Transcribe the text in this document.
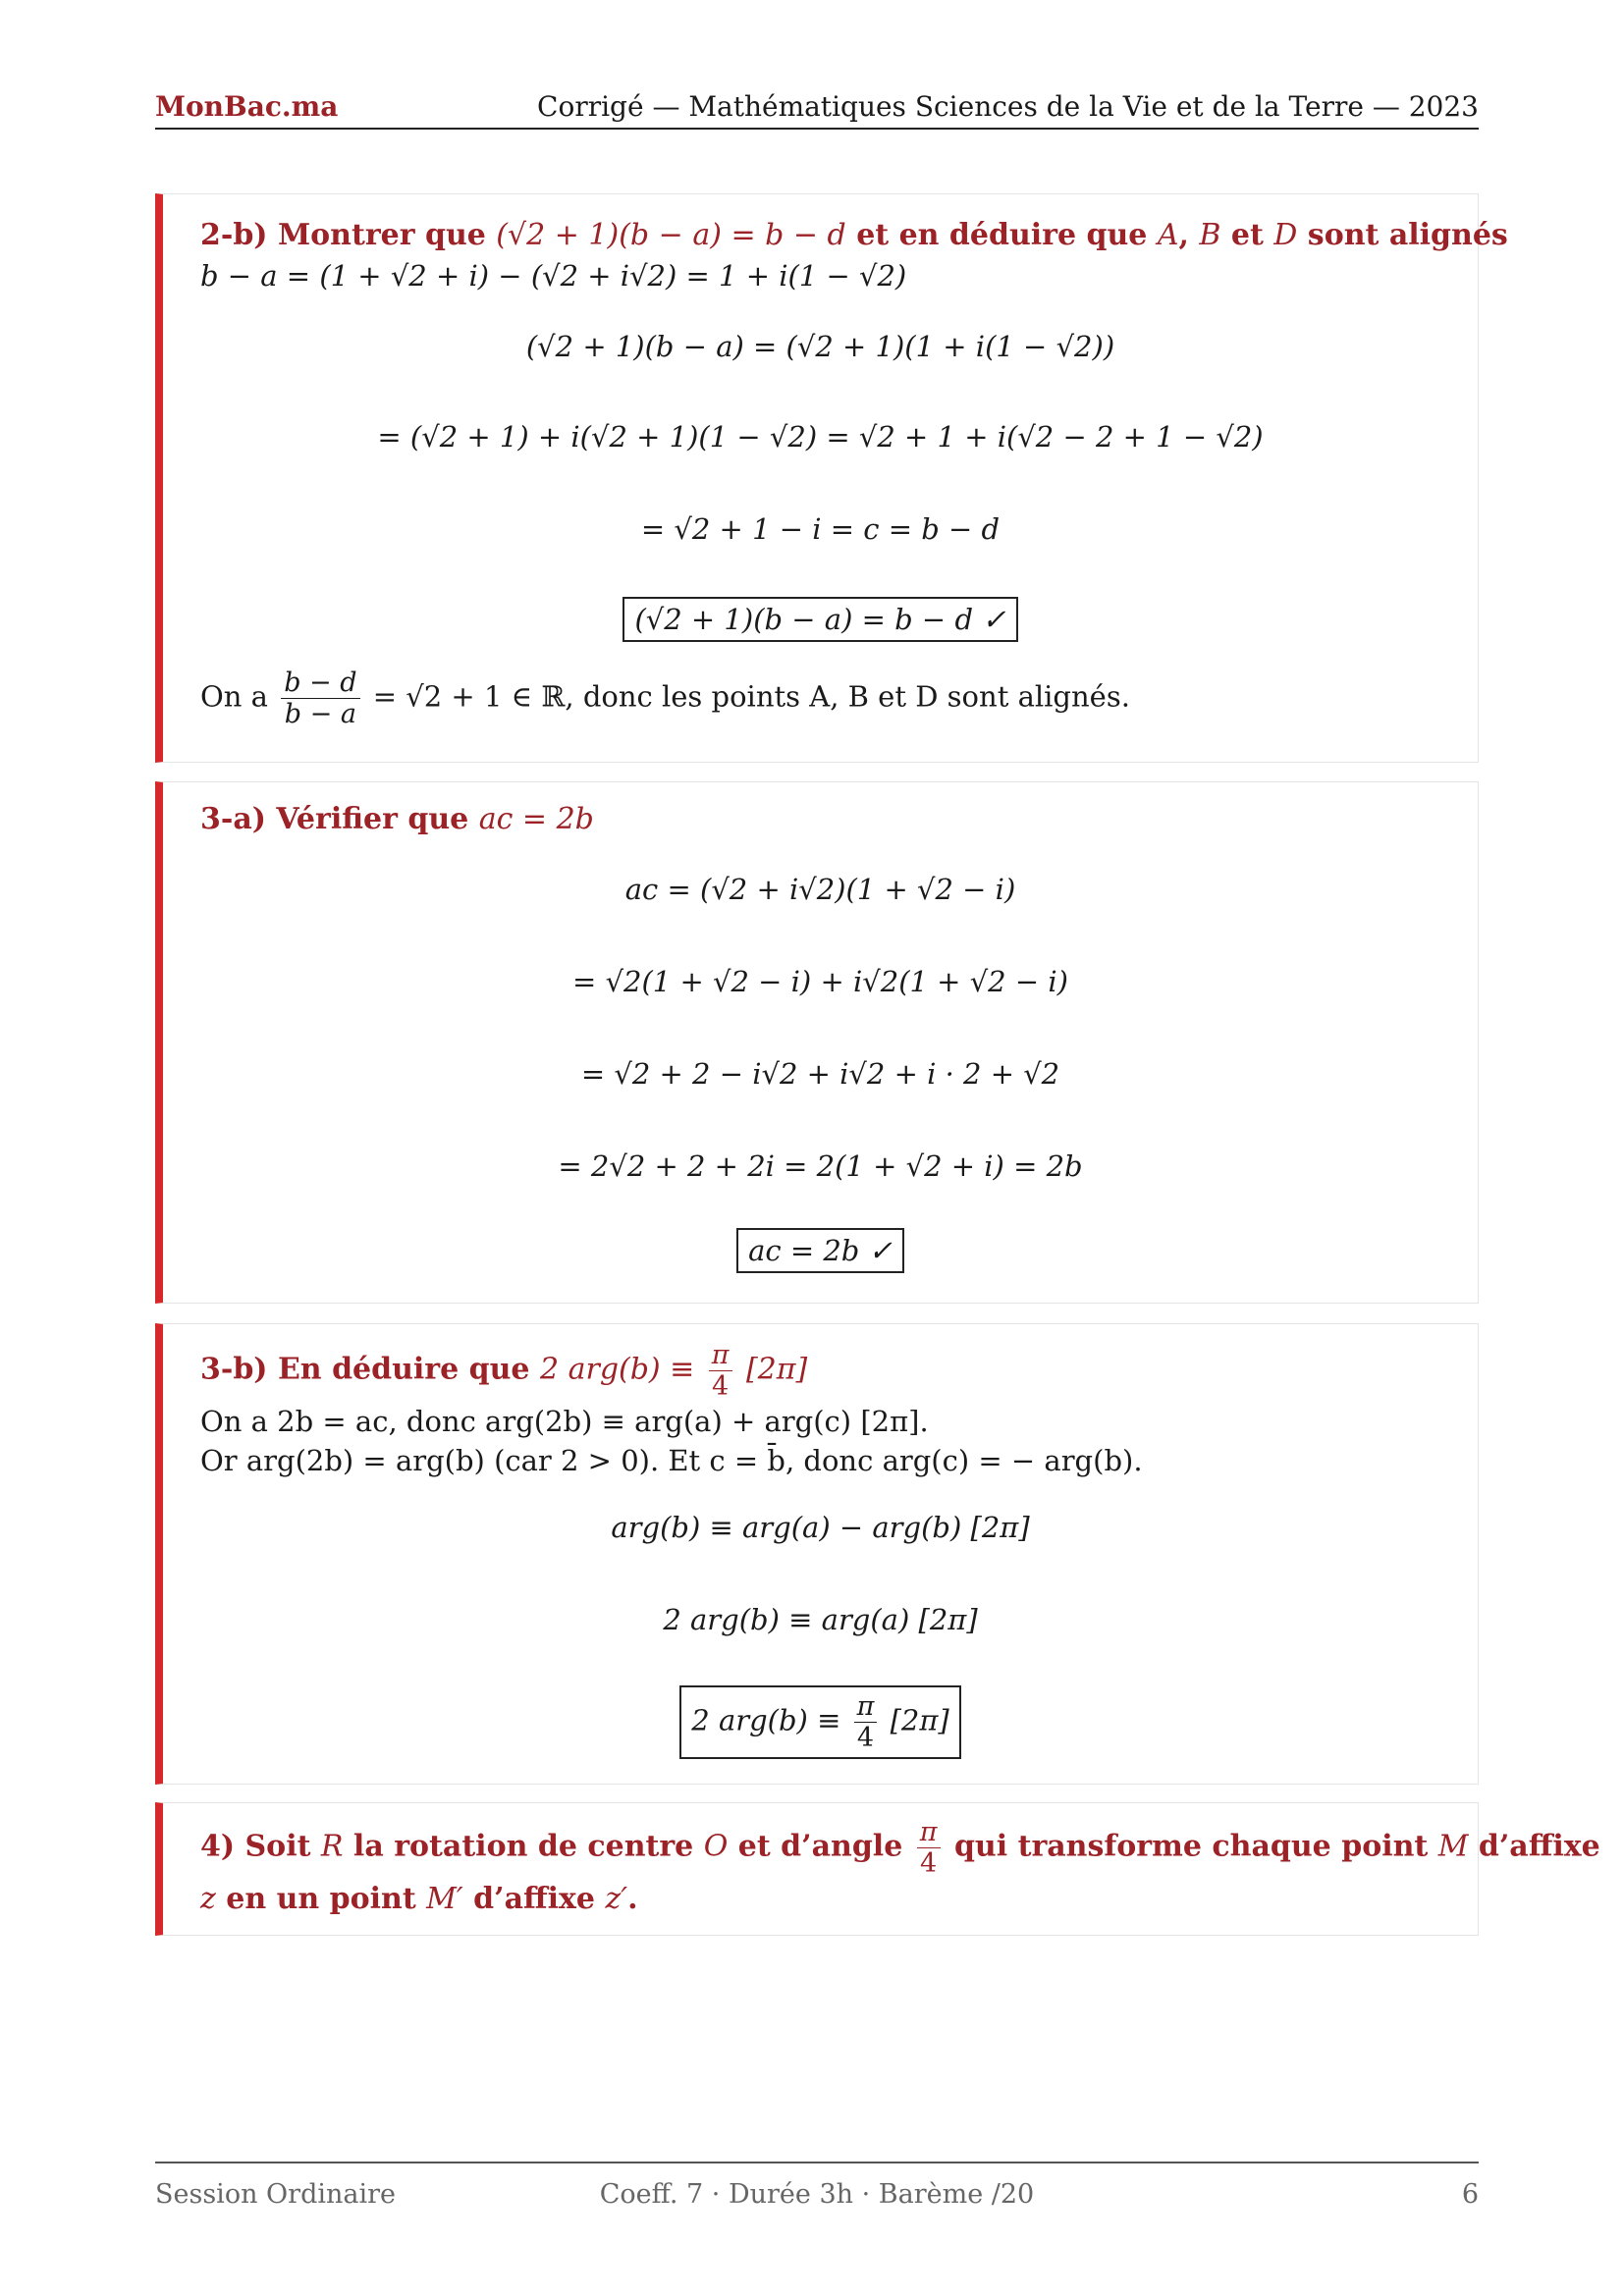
MonBac.ma	Corrigé — Mathématiques Sciences de la Vie et de la Terre — 2023
2-b) Montrer que (√2 + 1)(b − a) = b − d et en déduire que A, B et D sont alignés
b − a = (1 + √2 + i) − (√2 + i√2) = 1 + i(1 − √2)
(√2 + 1)(b − a) = (√2 + 1)(1 + i(1 − √2))
= (√2 + 1) + i(√2 + 1)(1 − √2) = √2 + 1 + i(√2 − 2 + 1 − √2)
= √2 + 1 − i = c = b − d
(√2 + 1)(b − a) = b − d ✓
On a $\frac{b - d}{b - a} = √2 + 1$ ∈ ℝ, donc les points A, B et D sont alignés.
3-a) Vérifier que ac = 2b
ac = (√2 + i√2)(1 + √2 − i)
= √2(1 + √2 − i) + i√2(1 + √2 − i)
= √2 + 2 − i√2 + i√2 + i · 2 + √2
= 2√2 + 2 + 2i = 2(1 + √2 + i) = 2b
ac = 2b ✓
3-b) En déduire que 2 $arg(b) \equiv \frac{\pi}{4} [2\pi]$
On a 2b = ac, donc arg(2b) ≡ arg(a) + arg(c) [2π].
Or arg(2b) = arg(b) (car 2 > 0). Et c = b̄, donc arg(c) = − arg(b).
arg(b) ≡ arg(a) − arg(b) [2π]
2 arg(b) ≡ arg(a) [2π]
2 $arg(b) \equiv \frac{\pi}{4} [2\pi]$
4) Soit R la rotation de centre O et d’angle $\frac{\pi}{4}$ qui transforme chaque point M d’affixe
z en un point M′ d’affixe z′.
Session Ordinaire	Coeff. 7 · Durée 3h · Barème /20	6
